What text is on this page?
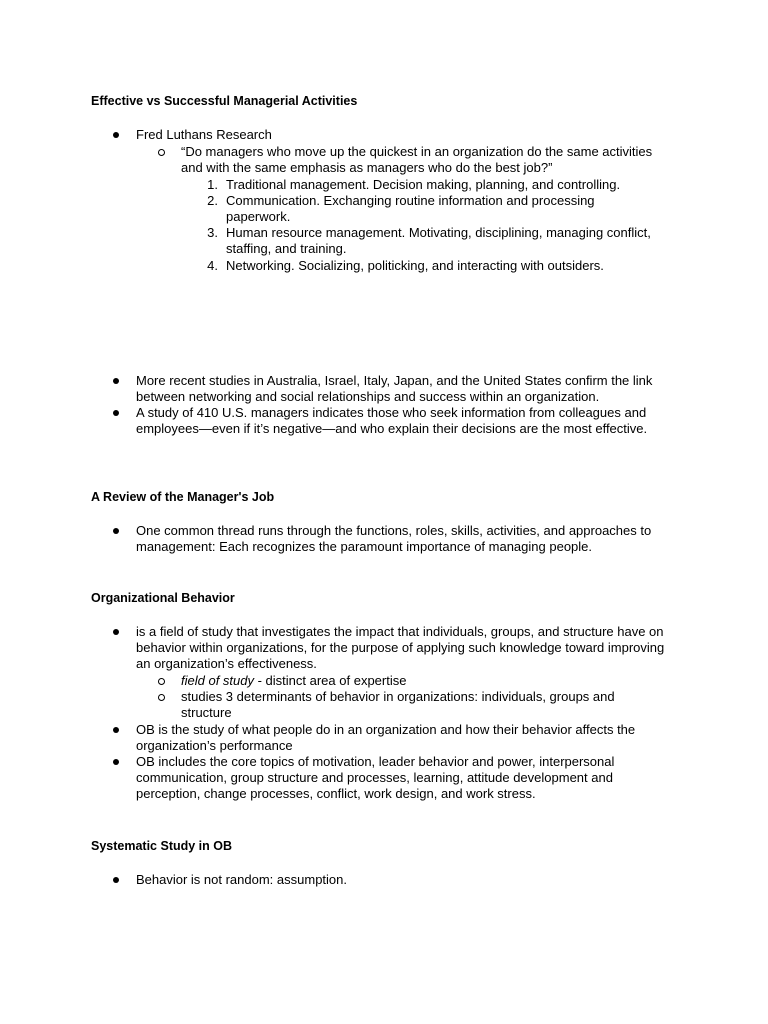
Effective vs Successful Managerial Activities
Fred Luthans Research
“Do managers who move up the quickest in an organization do the same activities and with the same emphasis as managers who do the best job?”
1. Traditional management. Decision making, planning, and controlling.
2. Communication. Exchanging routine information and processing paperwork.
3. Human resource management. Motivating, disciplining, managing conflict, staffing, and training.
4. Networking. Socializing, politicking, and interacting with outsiders.
More recent studies in Australia, Israel, Italy, Japan, and the United States confirm the link between networking and social relationships and success within an organization.
A study of 410 U.S. managers indicates those who seek information from colleagues and employees—even if it’s negative—and who explain their decisions are the most effective.
A Review of the Manager's Job
One common thread runs through the functions, roles, skills, activities, and approaches to management: Each recognizes the paramount importance of managing people.
Organizational Behavior
is a field of study that investigates the impact that individuals, groups, and structure have on behavior within organizations, for the purpose of applying such knowledge toward improving an organization’s effectiveness.
field of study - distinct area of expertise
studies 3 determinants of behavior in organizations: individuals, groups and structure
OB is the study of what people do in an organization and how their behavior affects the organization’s performance
OB includes the core topics of motivation, leader behavior and power, interpersonal communication, group structure and processes, learning, attitude development and perception, change processes, conflict, work design, and work stress.
Systematic Study in OB
Behavior is not random: assumption.
